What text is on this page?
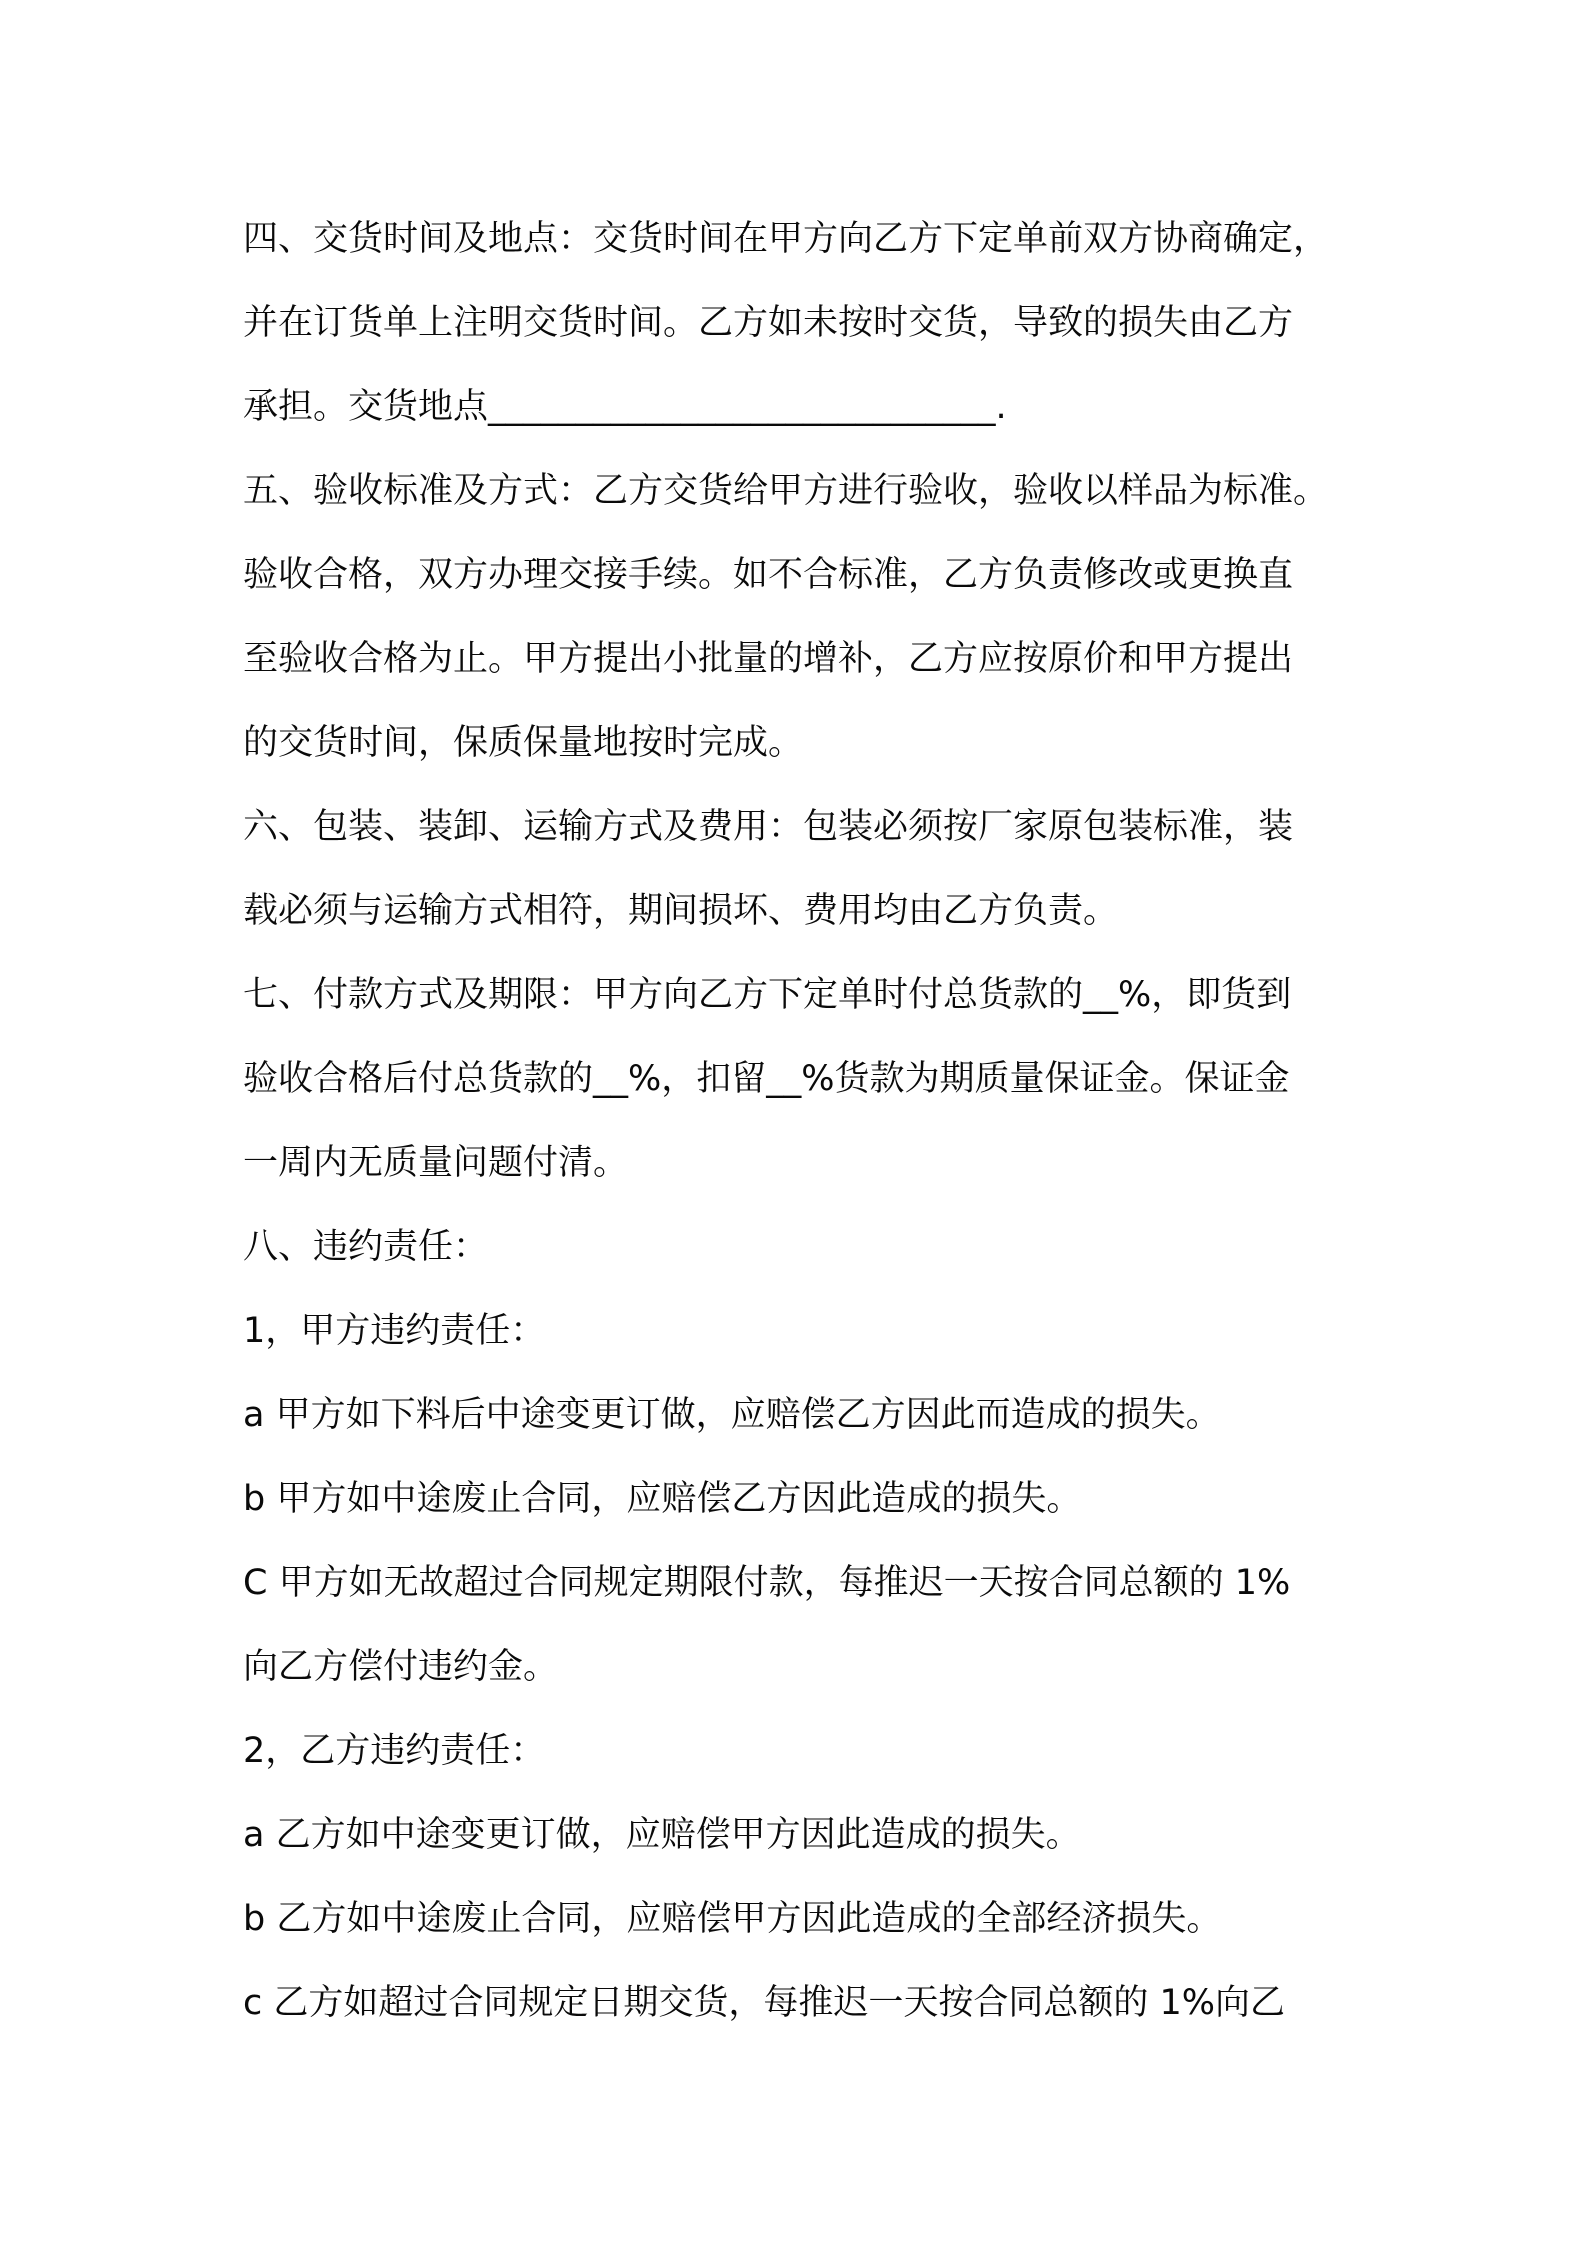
四、交货时间及地点：交货时间在甲方向乙方下定单前双方协商确定，
并在订货单上注明交货时间。乙方如未按时交货，导致的损失由乙方
承担。交货地点_____________________________.
五、验收标准及方式：乙方交货给甲方进行验收，验收以样品为标准。
验收合格，双方办理交接手续。如不合标准，乙方负责修改或更换直
至验收合格为止。甲方提出小批量的增补，乙方应按原价和甲方提出
的交货时间，保质保量地按时完成。
六、包装、装卸、运输方式及费用：包装必须按厂家原包装标准，装
载必须与运输方式相符，期间损坏、费用均由乙方负责。
七、付款方式及期限：甲方向乙方下定单时付总货款的__%，即货到
验收合格后付总货款的__%，扣留__%货款为期质量保证金。保证金
一周内无质量问题付清。
八、违约责任：
1，甲方违约责任：
a 甲方如下料后中途变更订做，应赔偿乙方因此而造成的损失。
b 甲方如中途废止合同，应赔偿乙方因此造成的损失。
C 甲方如无故超过合同规定期限付款，每推迟一天按合同总额的 1%
向乙方偿付违约金。
2，乙方违约责任：
a 乙方如中途变更订做，应赔偿甲方因此造成的损失。
b 乙方如中途废止合同，应赔偿甲方因此造成的全部经济损失。
c 乙方如超过合同规定日期交货，每推迟一天按合同总额的 1%向乙
